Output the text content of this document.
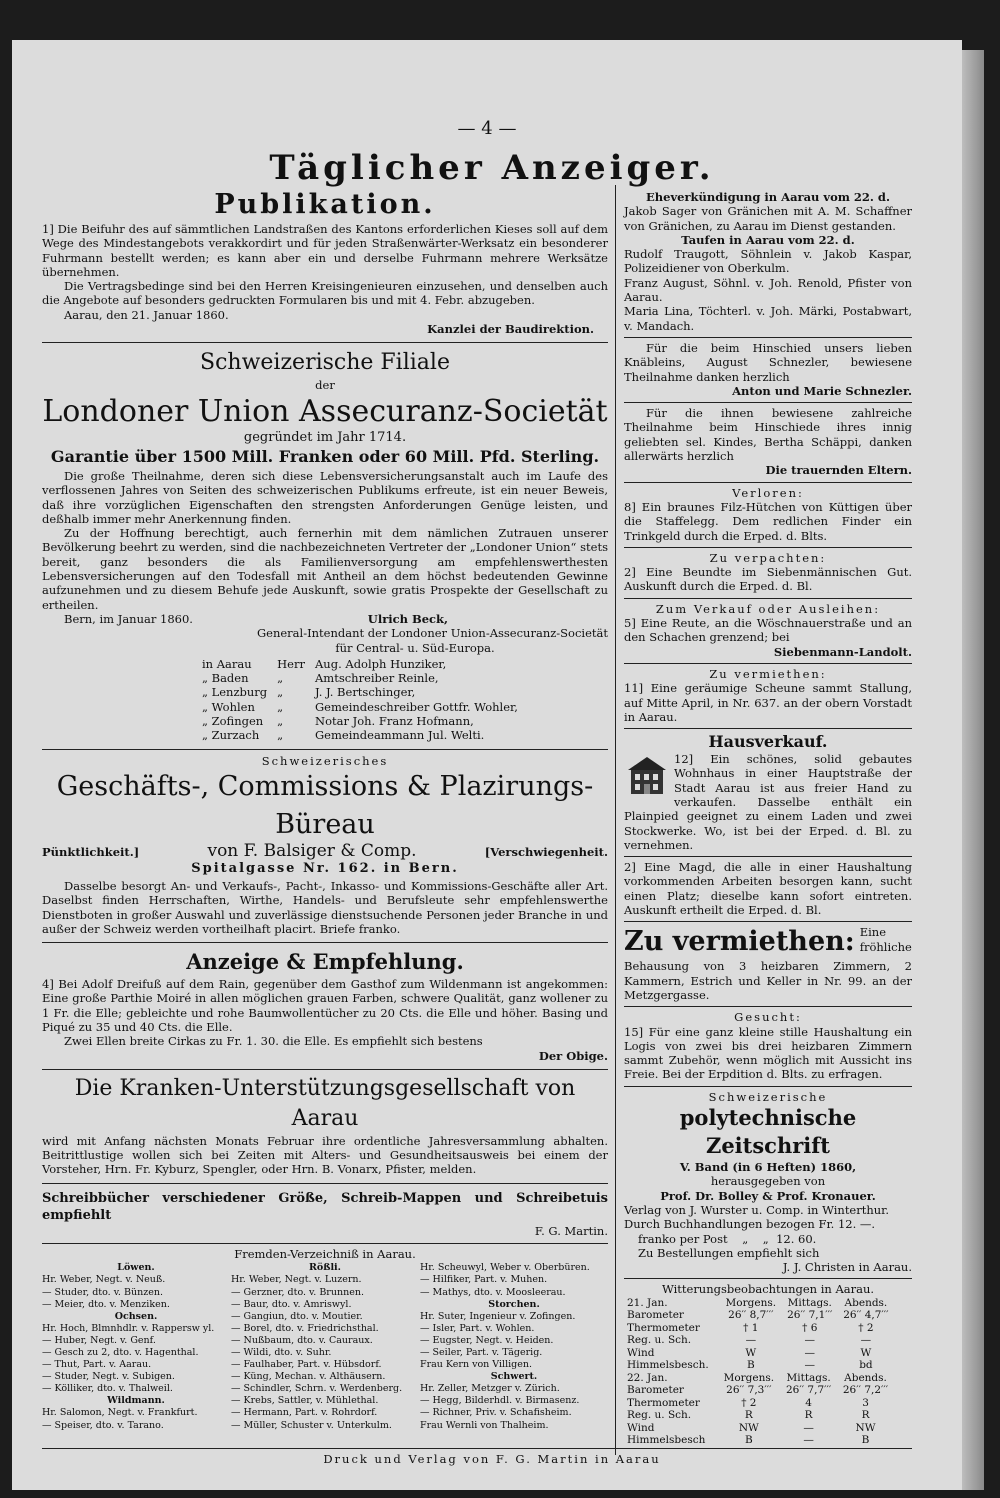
— 4 —
Täglicher Anzeiger.
Publikation.

1] Die Beifuhr des auf sämmtlichen Landstraßen des Kantons erforderlichen Kieses soll auf dem Wege des Mindestangebots verakkordirt und für jeden Straßenwärter-Werksatz ein besonderer Fuhrmann bestellt werden; es kann aber ein und derselbe Fuhrmann mehrere Werksätze übernehmen.

Die Vertragsbedinge sind bei den Herren Kreisingenieuren einzusehen, und denselben auch die Angebote auf besonders gedruckten Formularen bis und mit 4. Febr. abzugeben.

Aarau, den 21. Januar 1860.

Kanzlei der Baudirektion.
Schweizerische Filiale
der
Londoner Union Assecuranz-Societät
gegründet im Jahr 1714.
Garantie über 1500 Mill. Franken oder 60 Mill. Pfd. Sterling.

Die große Theilnahme, deren sich diese Lebensversicherungsanstalt auch im Laufe des verflossenen Jahres von Seiten des schweizerischen Publikums erfreute, ist ein neuer Beweis, daß ihre vorzüglichen Eigenschaften den strengsten Anforderungen Genüge leisten, und deßhalb immer mehr Anerkennung finden.

Zu der Hoffnung berechtigt, auch fernerhin mit dem nämlichen Zutrauen unserer Bevölkerung beehrt zu werden, sind die nachbezeichneten Vertreter der „Londoner Union“ stets bereit, ganz besonders die als Familienversorgung am empfehlenswerthesten Lebensversicherungen auf den Todesfall mit Antheil an dem höchst bedeutenden Gewinne aufzunehmen und zu diesem Behufe jede Auskunft, sowie gratis Prospekte der Gesellschaft zu ertheilen.

Bern, im Januar 1860.	Ulrich Beck,
General-Intendant der Londoner Union-Assecuranz-Societät
für Central- u. Süd-Europa.
in Aarau	Herr	Aug. Adolph Hunziker,
„ Baden	„	Amtschreiber Reinle,
„ Lenzburg	„	J. J. Bertschinger,
„ Wohlen	„	Gemeindeschreiber Gottfr. Wohler,
„ Zofingen	„	Notar Joh. Franz Hofmann,
„ Zurzach	„	Gemeindeammann Jul. Welti.
Schweizerisches
Geschäfts-, Commissions & Plazirungs-Büreau
Pünktlichkeit.]	von F. Balsiger & Comp.	[Verschwiegenheit.
Spitalgasse Nr. 162. in Bern.

Dasselbe besorgt An- und Verkaufs-, Pacht-, Inkasso- und Kommissions-Geschäfte aller Art. Daselbst finden Herrschaften, Wirthe, Handels- und Berufsleute sehr empfehlenswerthe Dienstboten in großer Auswahl und zuverlässige dienstsuchende Personen jeder Branche in und außer der Schweiz werden vortheilhaft placirt. Briefe franko.

Anzeige & Empfehlung.

4] Bei Adolf Dreifuß auf dem Rain, gegenüber dem Gasthof zum Wildenmann ist angekommen: Eine große Parthie Moiré in allen möglichen grauen Farben, schwere Qualität, ganz wollener zu 1 Fr. die Elle; gebleichte und rohe Baumwollentücher zu 20 Cts. die Elle und höher. Basing und Piqué zu 35 und 40 Cts. die Elle.

Zwei Ellen breite Cirkas zu Fr. 1. 30. die Elle. Es empfiehlt sich bestens

Der Obige.
Die Kranken-Unterstützungsgesellschaft von Aarau

wird mit Anfang nächsten Monats Februar ihre ordentliche Jahresversammlung abhalten. Beitrittlustige wollen sich bei Zeiten mit Alters- und Gesundheitsausweis bei einem der Vorsteher, Hrn. Fr. Kyburz, Spengler, oder Hrn. B. Vonarx, Pfister, melden.

Schreibbücher verschiedener Größe, Schreib-Mappen und Schreibetuis empfiehlt

F. G. Martin.
Fremden-Verzeichniß in Aarau.
Löwen.
Hr. Weber, Negt. v. Neuß.
— Studer, dto. v. Bünzen.
— Meier, dto. v. Menziken.
Ochsen.
Hr. Hoch, Blmnhdlr. v. Rappersw yl.
— Huber, Negt. v. Genf.
— Gesch zu 2, dto. v. Hagenthal.
— Thut, Part. v. Aarau.
— Studer, Negt. v. Subigen.
— Kölliker, dto. v. Thalweil.
Wildmann.
Hr. Salomon, Negt. v. Frankfurt.
— Speiser, dto. v. Tarano.
Rößli.
Hr. Weber, Negt. v. Luzern.
— Gerzner, dto. v. Brunnen.
— Baur, dto. v. Amriswyl.
— Gangiun, dto. v. Moutier.
— Borel, dto. v. Friedrichsthal.
— Nußbaum, dto. v. Cauraux.
— Wildi, dto. v. Suhr.
— Faulhaber, Part. v. Hübsdorf.
— Küng, Mechan. v. Althäusern.
— Schindler, Schrn. v. Werdenberg.
— Krebs, Sattler, v. Mühlethal.
— Hermann, Part. v. Rohrdorf.
— Müller, Schuster v. Unterkulm.
Hr. Scheuwyl, Weber v. Oberbüren.
— Hilfiker, Part. v. Muhen.
— Mathys, dto. v. Moosleerau.
Storchen.
Hr. Suter, Ingenieur v. Zofingen.
— Isler, Part. v. Wohlen.
— Eugster, Negt. v. Heiden.
— Seiler, Part. v. Tägerig.
Frau Kern von Villigen.
Schwert.
Hr. Zeller, Metzger v. Zürich.
— Hegg, Bilderhdl. v. Birmasenz.
— Richner, Priv. v. Schafisheim.
Frau Wernli von Thalheim.
Eheverkündigung in Aarau vom 22. d.

Jakob Sager von Gränichen mit A. M. Schaffner von Gränichen, zu Aarau im Dienst gestanden.

Taufen in Aarau vom 22. d.

Rudolf Traugott, Söhnlein v. Jakob Kaspar, Polizeidiener von Oberkulm.

Franz August, Söhnl. v. Joh. Renold, Pfister von Aarau.

Maria Lina, Töchterl. v. Joh. Märki, Postabwart, v. Mandach.

Für die beim Hinschied unsers lieben Knäbleins, August Schnezler, bewiesene Theilnahme danken herzlich

Anton und Marie Schnezler.

Für die ihnen bewiesene zahlreiche Theilnahme beim Hinschiede ihres innig geliebten sel. Kindes, Bertha Schäppi, danken allerwärts herzlich

Die trauernden Eltern.
Verloren:

8] Ein braunes Filz-Hütchen von Küttigen über die Staffelegg. Dem redlichen Finder ein Trinkgeld durch die Erped. d. Blts.

Zu verpachten:

2] Eine Beundte im Siebenmännischen Gut. Auskunft durch die Erped. d. Bl.

Zum Verkauf oder Ausleihen:

5] Eine Reute, an die Wöschnauerstraße und an den Schachen grenzend; bei

Siebenmann-Landolt.
Zu vermiethen:

11] Eine geräumige Scheune sammt Stallung, auf Mitte April, in Nr. 637. an der obern Vorstadt in Aarau.

Hausverkauf.

12] Ein schönes, solid gebautes Wohnhaus in einer Hauptstraße der Stadt Aarau ist aus freier Hand zu verkaufen. Dasselbe enthält ein Plainpied geeignet zu einem Laden und zwei Stockwerke. Wo, ist bei der Erped. d. Bl. zu vernehmen.

2] Eine Magd, die alle in einer Haushaltung vorkommenden Arbeiten besorgen kann, sucht einen Platz; dieselbe kann sofort eintreten. Auskunft ertheilt die Erped. d. Bl.

Zu vermiethen: Eine fröhliche Behausung von 3 heizbaren Zimmern, 2 Kammern, Estrich und Keller in Nr. 99. an der Metzgergasse.

Gesucht:

15] Für eine ganz kleine stille Haushaltung ein Logis von zwei bis drei heizbaren Zimmern sammt Zubehör, wenn möglich mit Aussicht ins Freie. Bei der Erpdition d. Blts. zu erfragen.

Schweizerische
polytechnische Zeitschrift
V. Band (in 6 Heften) 1860,
herausgegeben von
Prof. Dr. Bolley & Prof. Kronauer.
Verlag von J. Wurster u. Comp. in Winterthur.
Durch Buchhandlungen bezogen Fr. 12. —.
franko per Post    „    „  12. 60.
Zu Bestellungen empfiehlt sich
J. J. Christen in Aarau.
Witterungsbeobachtungen in Aarau.
21. Jan.	Morgens.	Mittags.	Abends.
Barometer	26′′ 8,7′′′	26′′ 7,1′′′	26′′ 4,7′′′
Thermometer	† 1	† 6	† 2
Reg. u. Sch.	—	—	—
Wind	W	—	W
Himmelsbesch.	B	—	bd
22. Jan.	Morgens.	Mittags.	Abends.
Barometer	26′′ 7,3′′′	26′′ 7,7′′′	26′′ 7,2′′′
Thermometer	† 2	4	3
Reg. u. Sch.	R	R	R
Wind	NW	—	NW
Himmelsbesch	B	—	B
Druck und Verlag von F. G. Martin in Aarau
